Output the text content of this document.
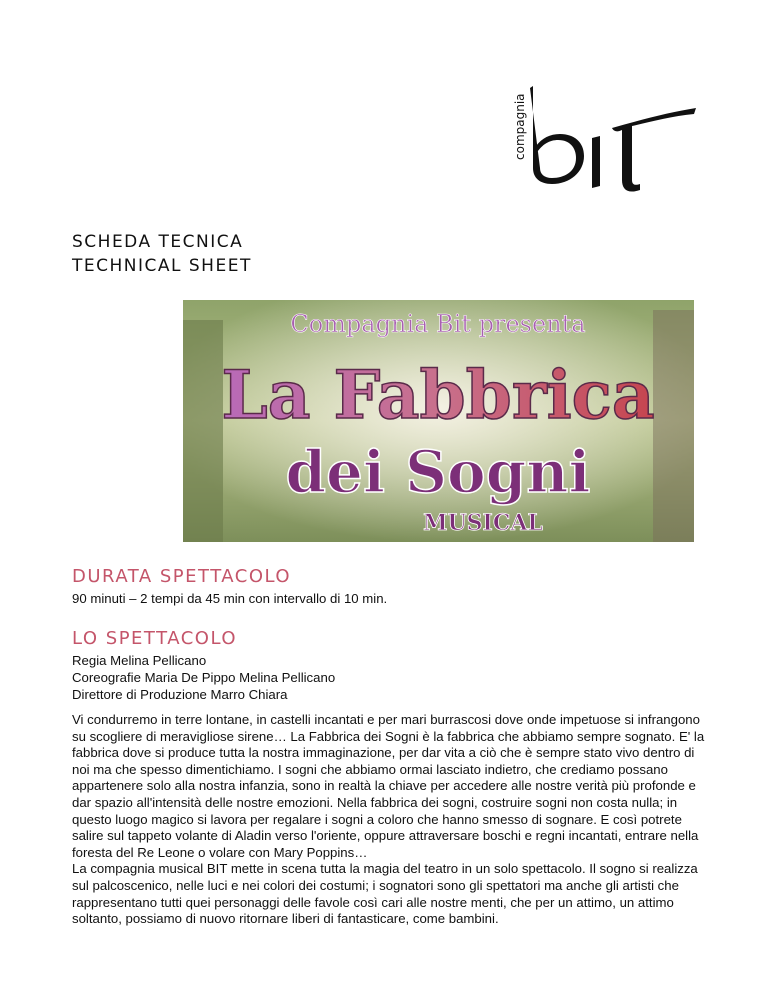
compagnia
SCHEDA TECNICA
TECHNICAL SHEET
Compagnia Bit presenta
La Fabbrica
dei Sogni
MUSICAL
DURATA SPETTACOLO
90 minuti – 2 tempi da 45 min con intervallo di 10 min.
LO SPETTACOLO
Regia Melina Pellicano
Coreografie Maria De Pippo Melina Pellicano
Direttore di Produzione Marro Chiara

Vi condurremo in terre lontane, in castelli incantati e per mari burrascosi dove onde impetuose si infrangono su scogliere di meravigliose sirene… La Fabbrica dei Sogni è la fabbrica che abbiamo sempre sognato. E' la fabbrica dove si produce tutta la nostra immaginazione, per dar vita a ciò che è sempre stato vivo dentro di noi ma che spesso dimentichiamo. I sogni che abbiamo ormai lasciato indietro, che crediamo possano appartenere solo alla nostra infanzia, sono in realtà la chiave per accedere alle nostre verità più profonde e dar spazio all'intensità delle nostre emozioni. Nella fabbrica dei sogni, costruire sogni non costa nulla; in questo luogo magico si lavora per regalare i sogni a coloro che hanno smesso di sognare. E così potrete salire sul tappeto volante di Aladin verso l'oriente, oppure attraversare boschi e regni incantati, entrare nella foresta del Re Leone o volare con Mary Poppins…

La compagnia musical BIT mette in scena tutta la magia del teatro in un solo spettacolo. Il sogno si realizza sul palcoscenico, nelle luci e nei colori dei costumi; i sognatori sono gli spettatori ma anche gli artisti che rappresentano tutti quei personaggi delle favole così cari alle nostre menti, che per un attimo, un attimo soltanto, possiamo di nuovo ritornare liberi di fantasticare, come bambini.
